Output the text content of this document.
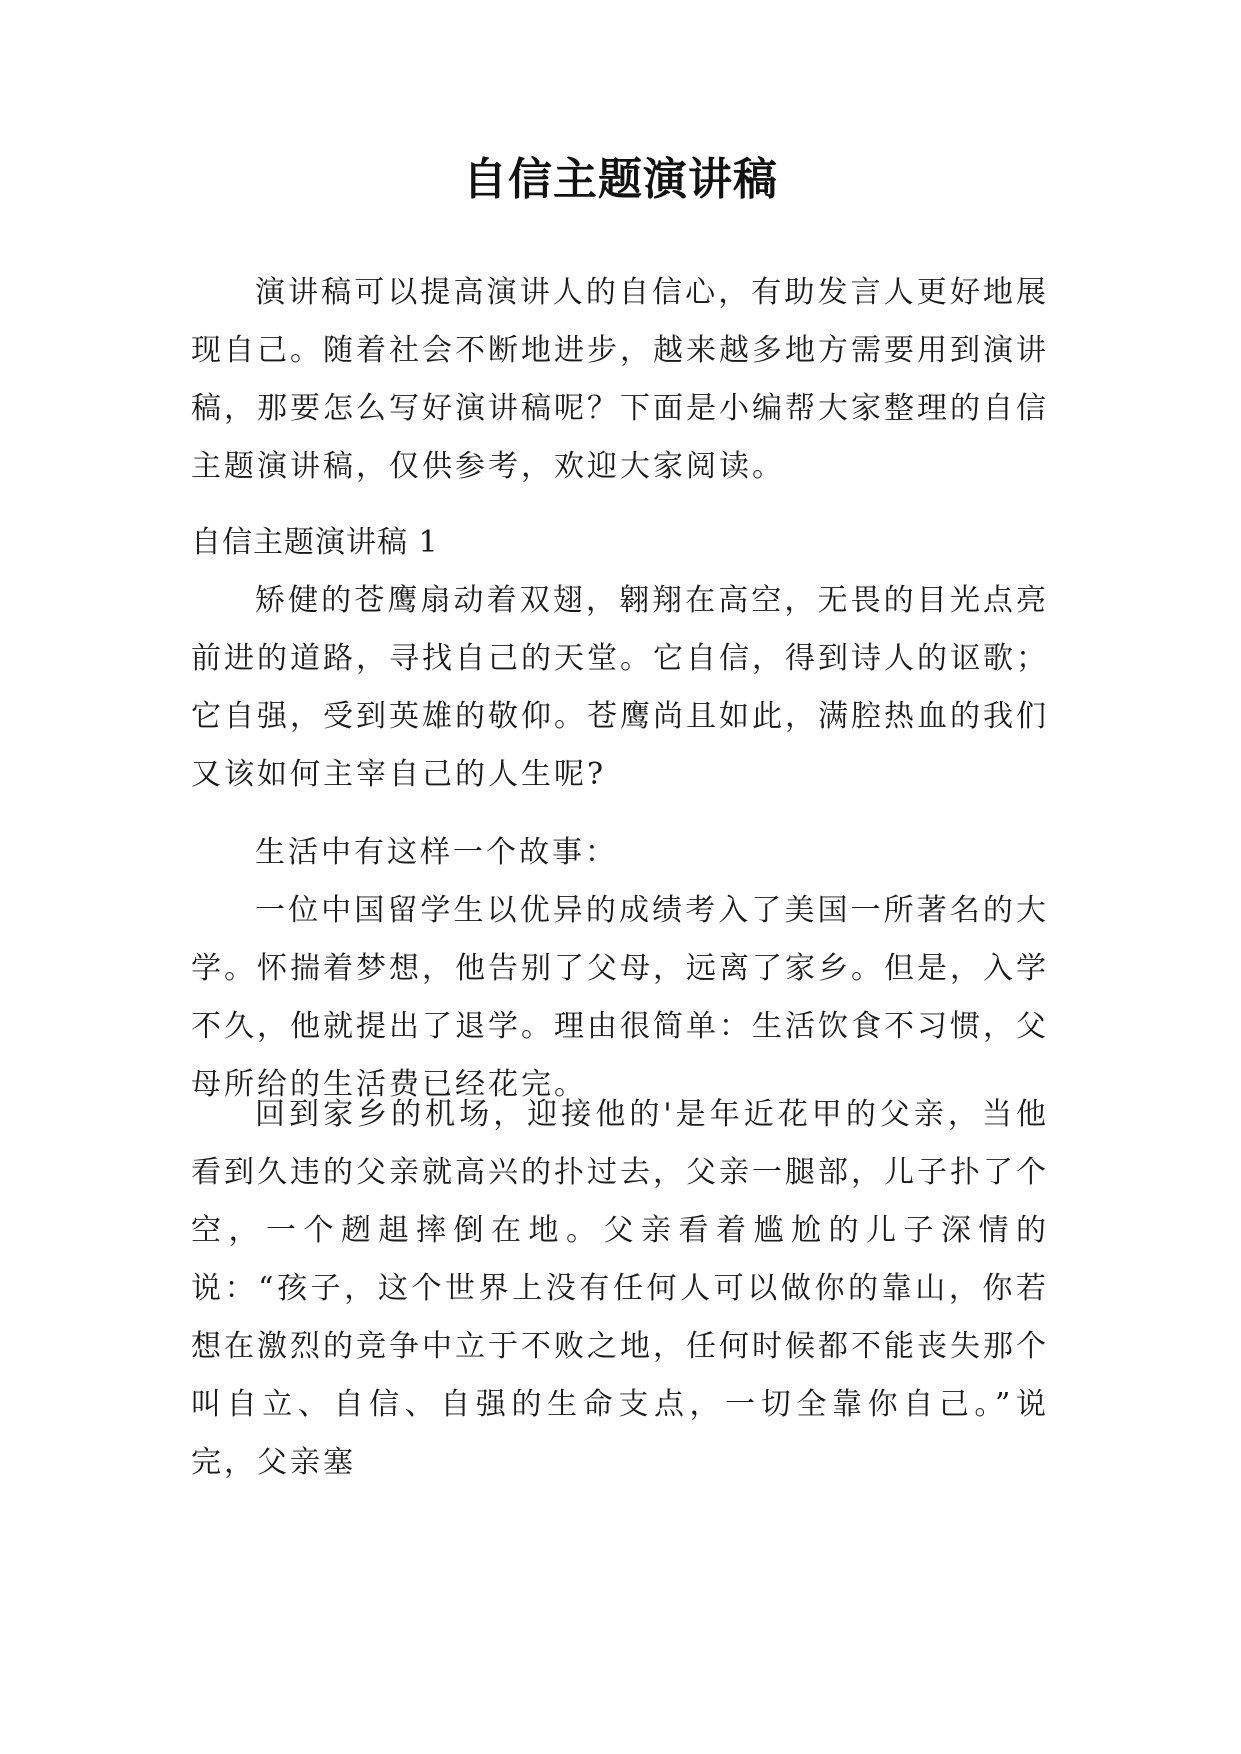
自信主题演讲稿

演讲稿可以提高演讲人的自信心，有助发言人更好地展现自己。随着社会不断地进步，越来越多地方需要用到演讲稿，那要怎么写好演讲稿呢？下面是小编帮大家整理的自信主题演讲稿，仅供参考，欢迎大家阅读。

自信主题演讲稿 1

矫健的苍鹰扇动着双翅，翱翔在高空，无畏的目光点亮前进的道路，寻找自己的天堂。它自信，得到诗人的讴歌；它自强，受到英雄的敬仰。苍鹰尚且如此，满腔热血的我们又该如何主宰自己的人生呢?

生活中有这样一个故事：

一位中国留学生以优异的成绩考入了美国一所著名的大学。怀揣着梦想，他告别了父母，远离了家乡。但是，入学不久，他就提出了退学。理由很简单：生活饮食不习惯，父母所给的生活费已经花完。

回到家乡的机场，迎接他的'是年近花甲的父亲，当他看到久违的父亲就高兴的扑过去，父亲一腿部，儿子扑了个空，一个趔趄摔倒在地。父亲看着尴尬的儿子深情的说：“孩子，这个世界上没有任何人可以做你的靠山，你若想在激烈的竞争中立于不败之地，任何时候都不能丧失那个叫自立、自信、自强的生命支点，一切全靠你自己。”说完，父亲塞
